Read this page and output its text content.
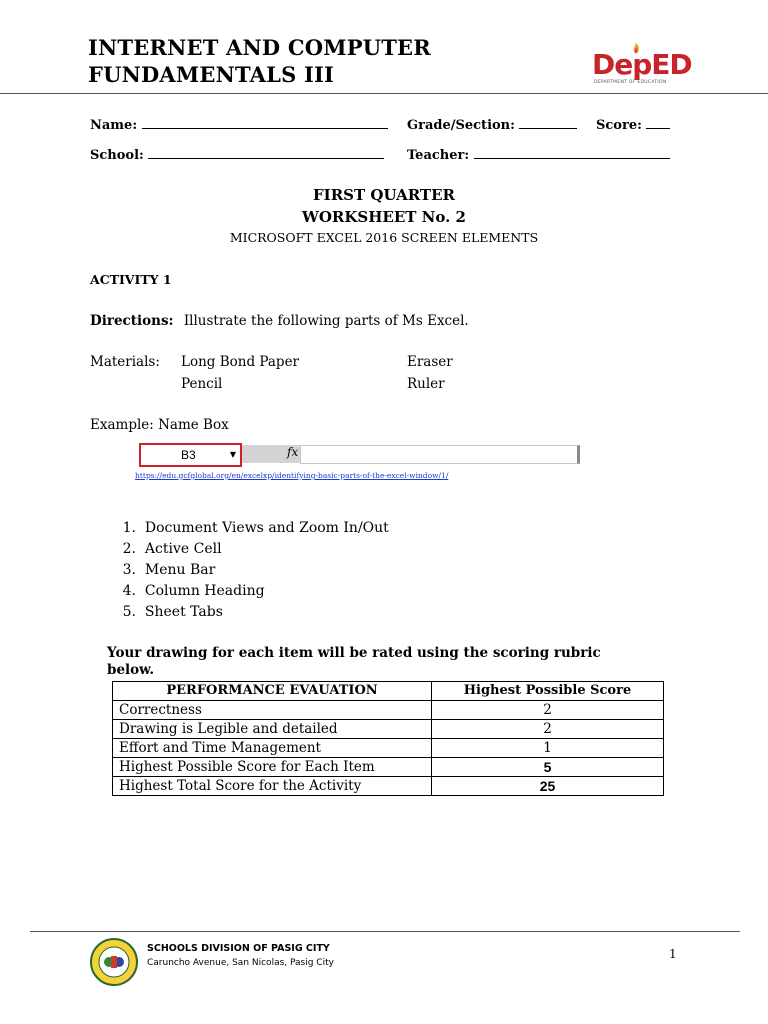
INTERNET AND COMPUTER
FUNDAMENTALS III	DepED
DEPARTMENT OF EDUCATION
Name:	Grade/Section:	Score:
School:	Teacher:
FIRST QUARTER
WORKSHEET No. 2
MICROSOFT EXCEL 2016 SCREEN ELEMENTS
ACTIVITY 1
Directions: Illustrate the following parts of Ms Excel.
Materials: Long Bond Paper	Eraser
Pencil	Ruler
Example: Name Box
B3	▼	fx
https://edu.gcfglobal.org/en/excelxp/identifying-basic-parts-of-the-excel-window/1/
1. Document Views and Zoom In/Out
2. Active Cell
3. Menu Bar
4. Column Heading
5. Sheet Tabs
Your drawing for each item will be rated using the scoring rubric below.
PERFORMANCE EVAUATION	Highest Possible Score
Correctness	2
Drawing is Legible and detailed	2
Effort and Time Management	1
Highest Possible Score for Each Item	5
Highest Total Score for the Activity	25
SCHOOLS DIVISION OF PASIG CITY
Caruncho Avenue, San Nicolas, Pasig City
1
